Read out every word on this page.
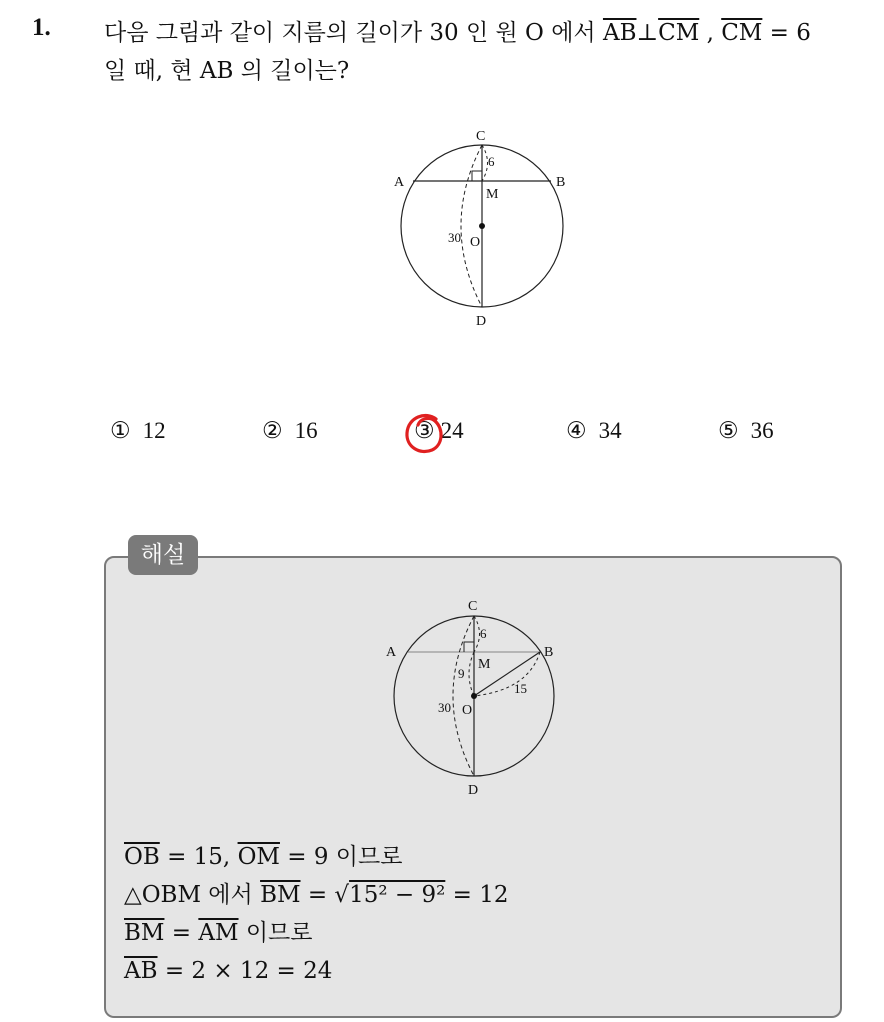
1. 다음 그림과 같이 지름의 길이가 30 인 원 O 에서 $\overline{AB}\perp\overline{CM}$ , $\overline{CM} = 6$
일 때, 현 AB 의 길이는?
C
A	B
M
O
D
6
30
① 12	② 16	③ 24	④ 34	⑤ 36
해설
C
A	B
M
O
D
6
9
15
30
$\overline{OB} = 15$, $\overline{OM} = 9$ 이므로
△OBM 에서 $\overline{BM} = √15^2 - 9^2 = 12$
$\overline{BM} = \overline{AM}$ 이므로
$\overline{AB} = 2 \times 12 = 24$
